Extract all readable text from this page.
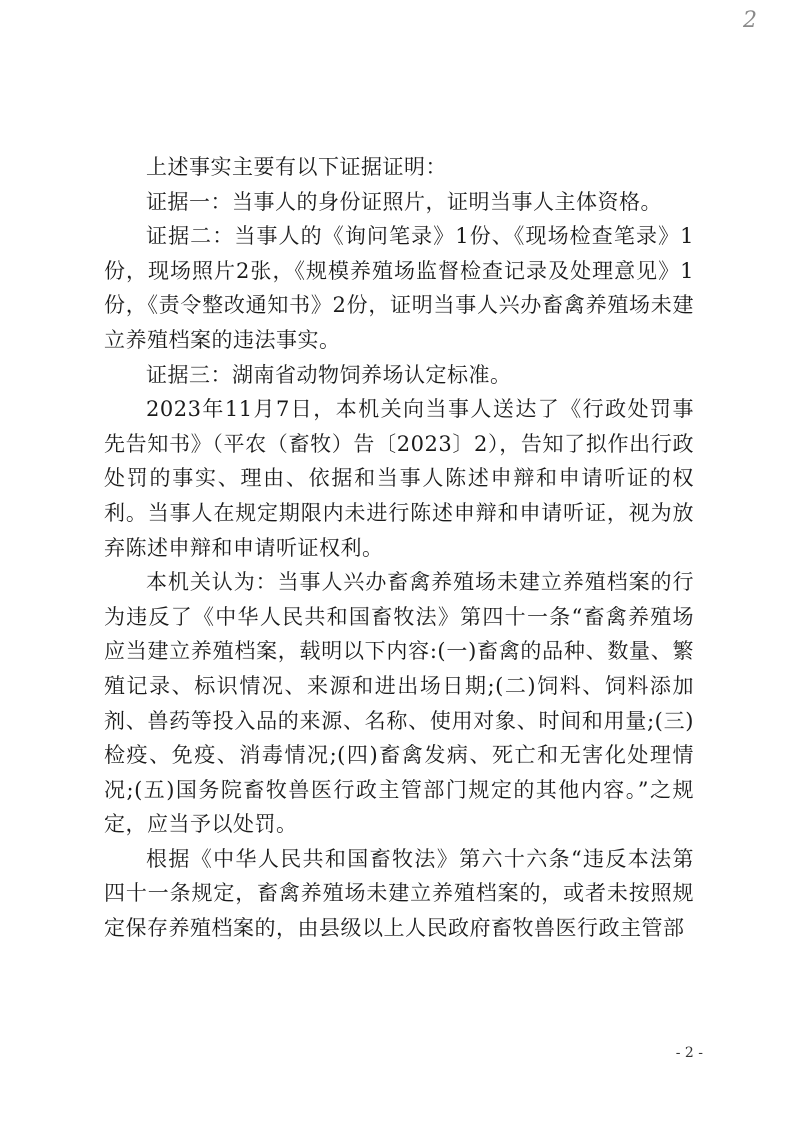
2

上述事实主要有以下证据证明：

证据一：当事人的身份证照片，证明当事人主体资格。

证据二：当事人的《询问笔录》1份、《现场检查笔录》1份，现场照片2张，《规模养殖场监督检查记录及处理意见》1份，《责令整改通知书》2份，证明当事人兴办畜禽养殖场未建立养殖档案的违法事实。

证据三：湖南省动物饲养场认定标准。

2023年11月7日，本机关向当事人送达了《行政处罚事先告知书》（平农（畜牧）告〔2023〕2），告知了拟作出行政处罚的事实、理由、依据和当事人陈述申辩和申请听证的权利。当事人在规定期限内未进行陈述申辩和申请听证，视为放弃陈述申辩和申请听证权利。

本机关认为：当事人兴办畜禽养殖场未建立养殖档案的行为违反了《中华人民共和国畜牧法》第四十一条“畜禽养殖场应当建立养殖档案，载明以下内容:(一)畜禽的品种、数量、繁殖记录、标识情况、来源和进出场日期;(二)饲料、饲料添加剂、兽药等投入品的来源、名称、使用对象、时间和用量;(三)检疫、免疫、消毒情况;(四)畜禽发病、死亡和无害化处理情况;(五)国务院畜牧兽医行政主管部门规定的其他内容。”之规定，应当予以处罚。

根据《中华人民共和国畜牧法》第六十六条“违反本法第四十一条规定，畜禽养殖场未建立养殖档案的，或者未按照规定保存养殖档案的，由县级以上人民政府畜牧兽医行政主管部

- 2 -
